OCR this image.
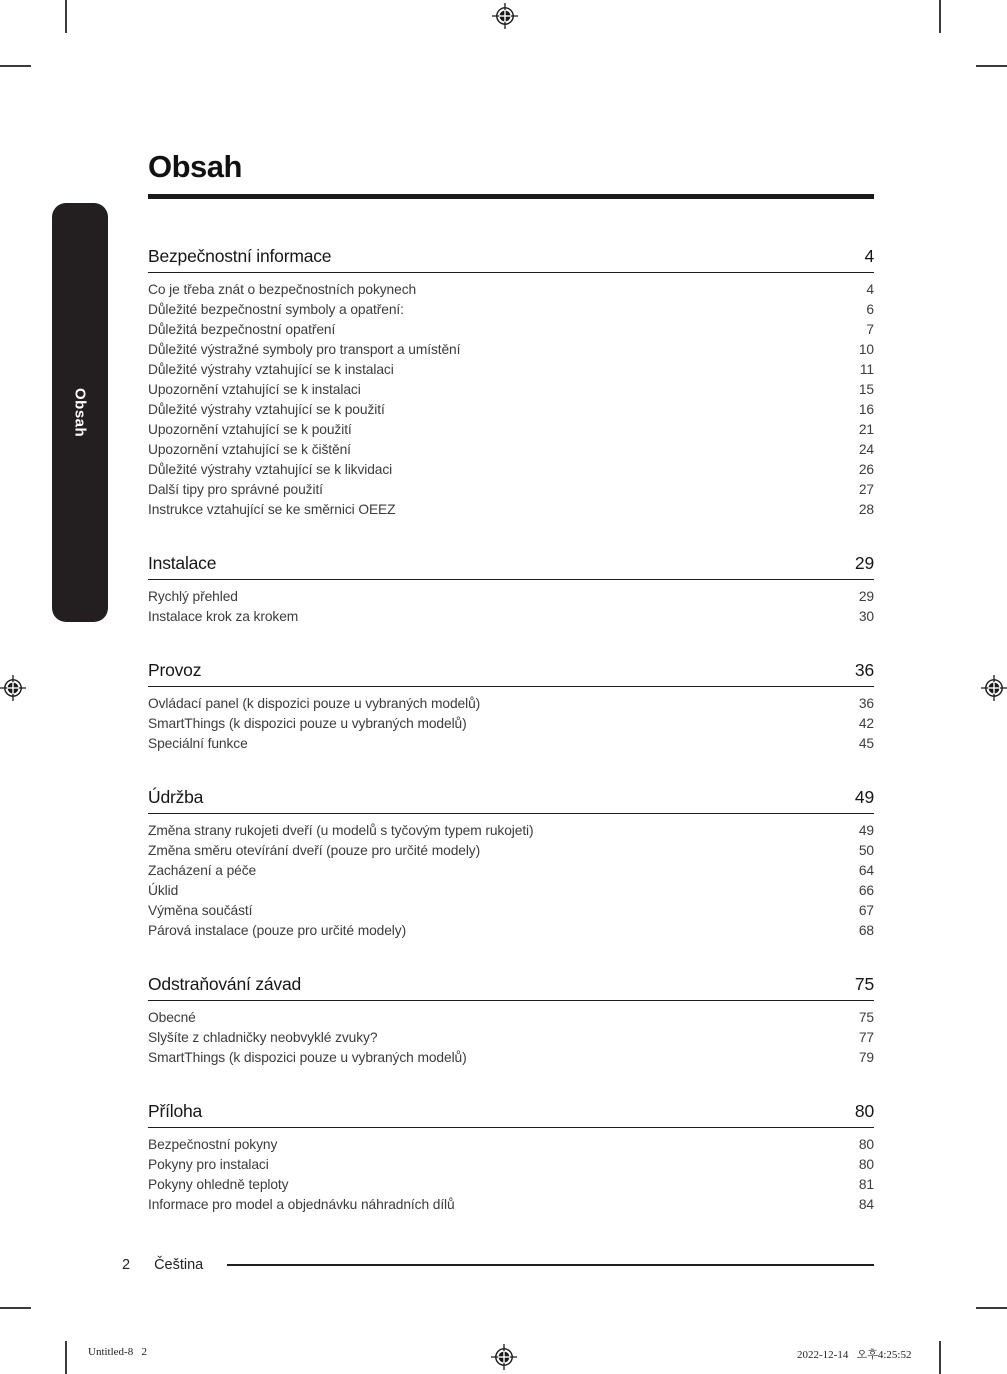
Obsah
Obsah
Bezpečnostní informace	4
Co je třeba znát o bezpečnostních pokynech	4
Důležité bezpečnostní symboly a opatření:	6
Důležitá bezpečnostní opatření	7
Důležité výstražné symboly pro transport a umístění	10
Důležité výstrahy vztahující se k instalaci	11
Upozornění vztahující se k instalaci	15
Důležité výstrahy vztahující se k použití	16
Upozornění vztahující se k použití	21
Upozornění vztahující se k čištění	24
Důležité výstrahy vztahující se k likvidaci	26
Další tipy pro správné použití	27
Instrukce vztahující se ke směrnici OEEZ	28
Instalace	29
Rychlý přehled	29
Instalace krok za krokem	30
Provoz	36
Ovládací panel (k dispozici pouze u vybraných modelů)	36
SmartThings (k dispozici pouze u vybraných modelů)	42
Speciální funkce	45
Údržba	49
Změna strany rukojeti dveří (u modelů s tyčovým typem rukojeti)	49
Změna směru otevírání dveří (pouze pro určité modely)	50
Zacházení a péče	64
Úklid	66
Výměna součástí	67
Párová instalace (pouze pro určité modely)	68
Odstraňování závad	75
Obecné	75
Slyšíte z chladničky neobvyklé zvuky?	77
SmartThings (k dispozici pouze u vybraných modelů)	79
Příloha	80
Bezpečnostní pokyny	80
Pokyny pro instalaci	80
Pokyny ohledně teploty	81
Informace pro model a objednávku náhradních dílů	84
2 Čeština
Untitled-8   2	2022-12-14   오후4:25:52
